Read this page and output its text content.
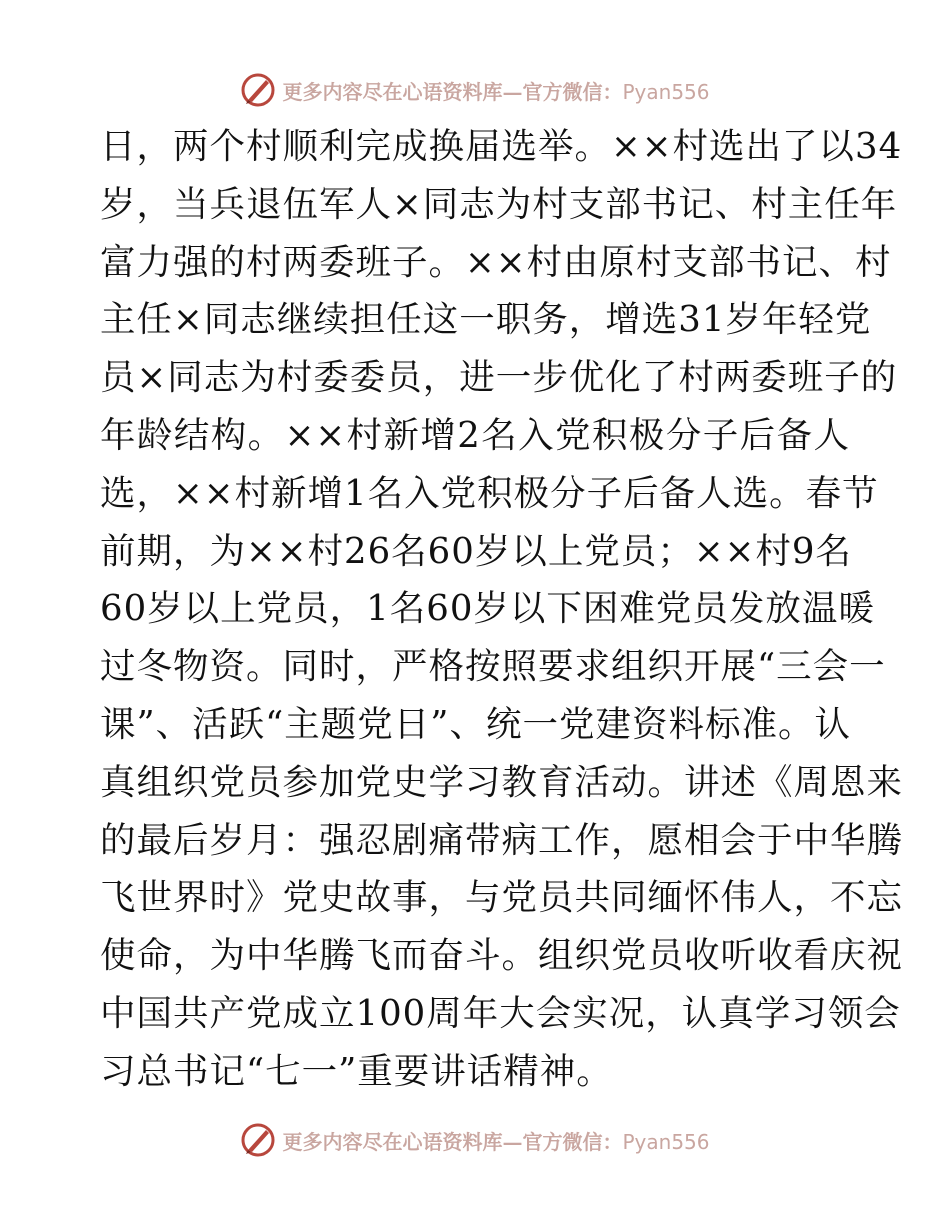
更多内容尽在心语资料库—官方微信：Pyan556
日，两个村顺利完成换届选举。××村选出了以34
岁，当兵退伍军人×同志为村支部书记、村主任年
富力强的村两委班子。××村由原村支部书记、村
主任×同志继续担任这一职务，增选31岁年轻党
员×同志为村委委员，进一步优化了村两委班子的
年龄结构。××村新增2名入党积极分子后备人
选，××村新增1名入党积极分子后备人选。春节
前期，为××村26名60岁以上党员；××村9名
60岁以上党员，1名60岁以下困难党员发放温暖
过冬物资。同时，严格按照要求组织开展“三会一
课”、活跃“主题党日”、统一党建资料标准。认
真组织党员参加党史学习教育活动。讲述《周恩来
的最后岁月：强忍剧痛带病工作，愿相会于中华腾
飞世界时》党史故事，与党员共同缅怀伟人，不忘
使命，为中华腾飞而奋斗。组织党员收听收看庆祝
中国共产党成立100周年大会实况，认真学习领会
习总书记“七一”重要讲话精神。
更多内容尽在心语资料库—官方微信：Pyan556
